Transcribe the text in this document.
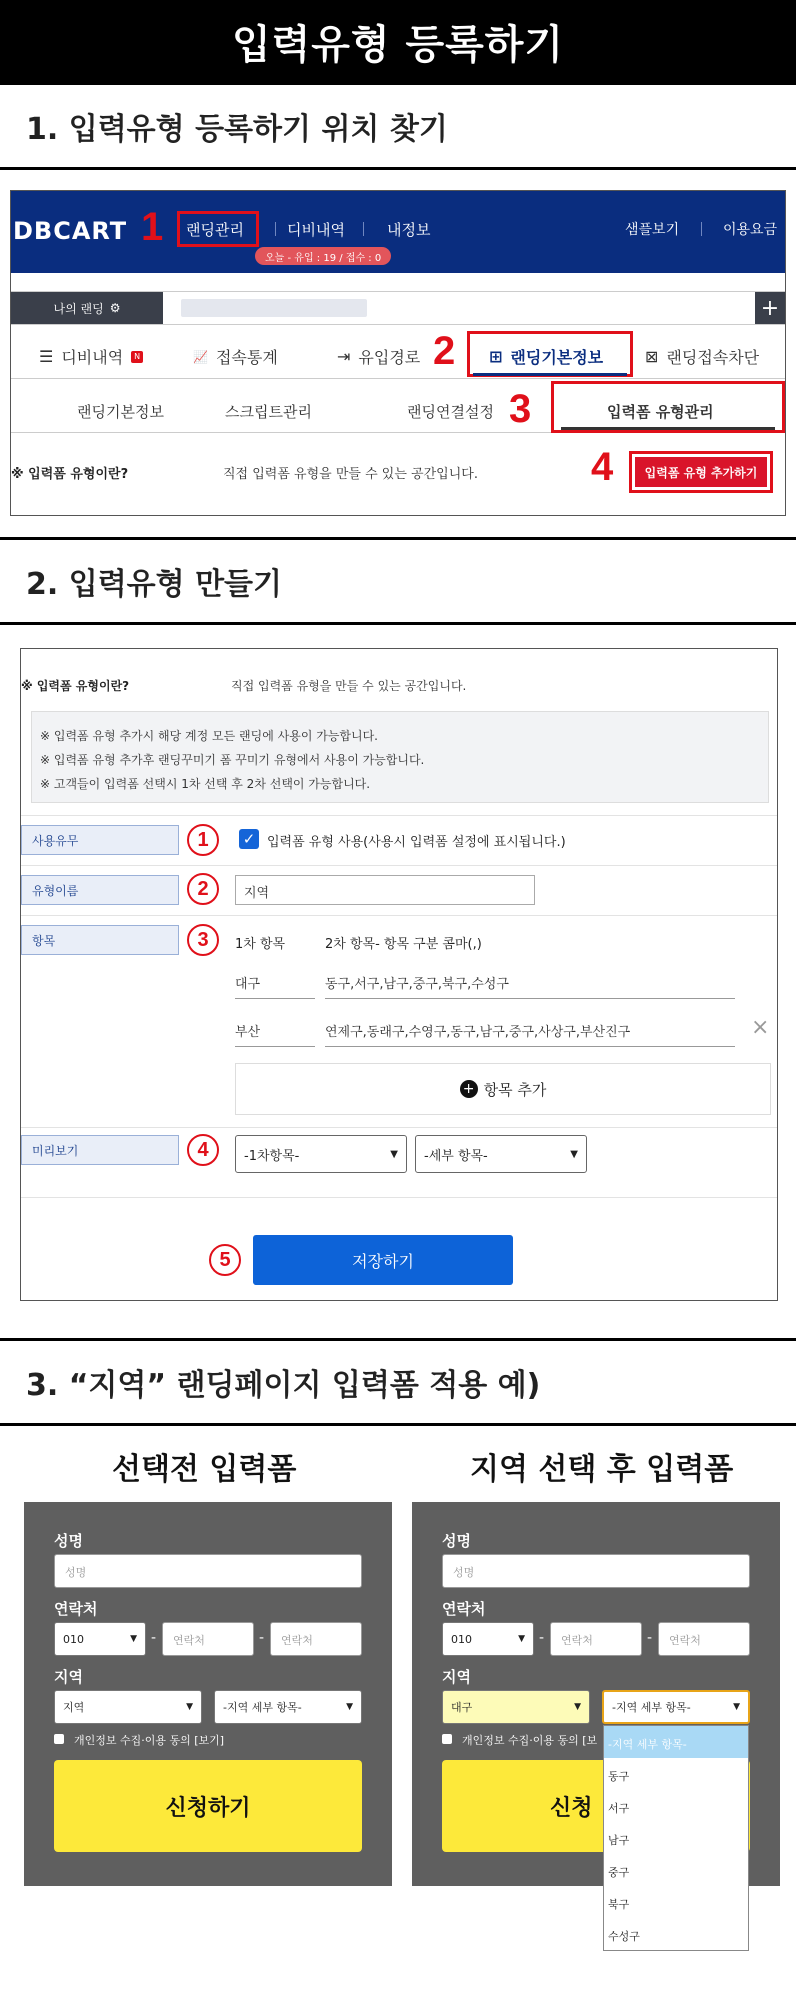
입력유형 등록하기
1. 입력유형 등록하기 위치 찾기
DBCART 1 랜딩관리	디비내역	내정보
오늘 - 유입 : 19 / 접수 : 0
샘플보기	이용요금
나의 랜딩 ⚙	+
☰ 디비내역	N	📈 접속통계	⇥ 유입경로 2 ⊞ 랜딩기본정보	⊠ 랜딩접속차단
랜딩기본정보	스크립트관리	랜딩연결설정 3	입력폼 유형관리
※ 입력폼 유형이란?	직접 입력폼 유형을 만들 수 있는 공간입니다.	4	입력폼 유형 추가하기
2. 입력유형 만들기
※ 입력폼 유형이란?	직접 입력폼 유형을 만들 수 있는 공간입니다.
※ 입력폼 유형 추가시 해당 계정 모든 랜딩에 사용이 가능합니다.
※ 입력폼 유형 추가후 랜딩꾸미기 폼 꾸미기 유형에서 사용이 가능합니다.
※ 고객들이 입력폼 선택시 1차 선택 후 2차 선택이 가능합니다.
사용유무	1	✓ 입력폼 유형 사용(사용시 입력폼 설정에 표시됩니다.)
유형이름	2	지역
항목	3	1차 항목	2차 항목- 항목 구분 콤마(,)
대구	동구,서구,남구,중구,북구,수성구
부산	연제구,동래구,수영구,동구,남구,중구,사상구,부산진구	×
+ 항목 추가
미리보기	4	-1차항목-	▼ -세부 항목-	▼
5	저장하기
3. “지역” 랜딩페이지 입력폼 적용 예)
선택전 입력폼	지역 선택 후 입력폼
성명
성명
연락처
010	▼ -	연락처	-	연락처
지역
지역	▼	-지역 세부 항목-	▼
개인정보 수집·이용 동의 [보기]
신청하기
성명
성명
연락처
010	▼ -	연락처	-	연락처
지역
대구	▼	-지역 세부 항목-	▼
개인정보 수집·이용 동의 [보
신청
-지역 세부 항목-
동구
서구
남구
중구
북구
수성구
